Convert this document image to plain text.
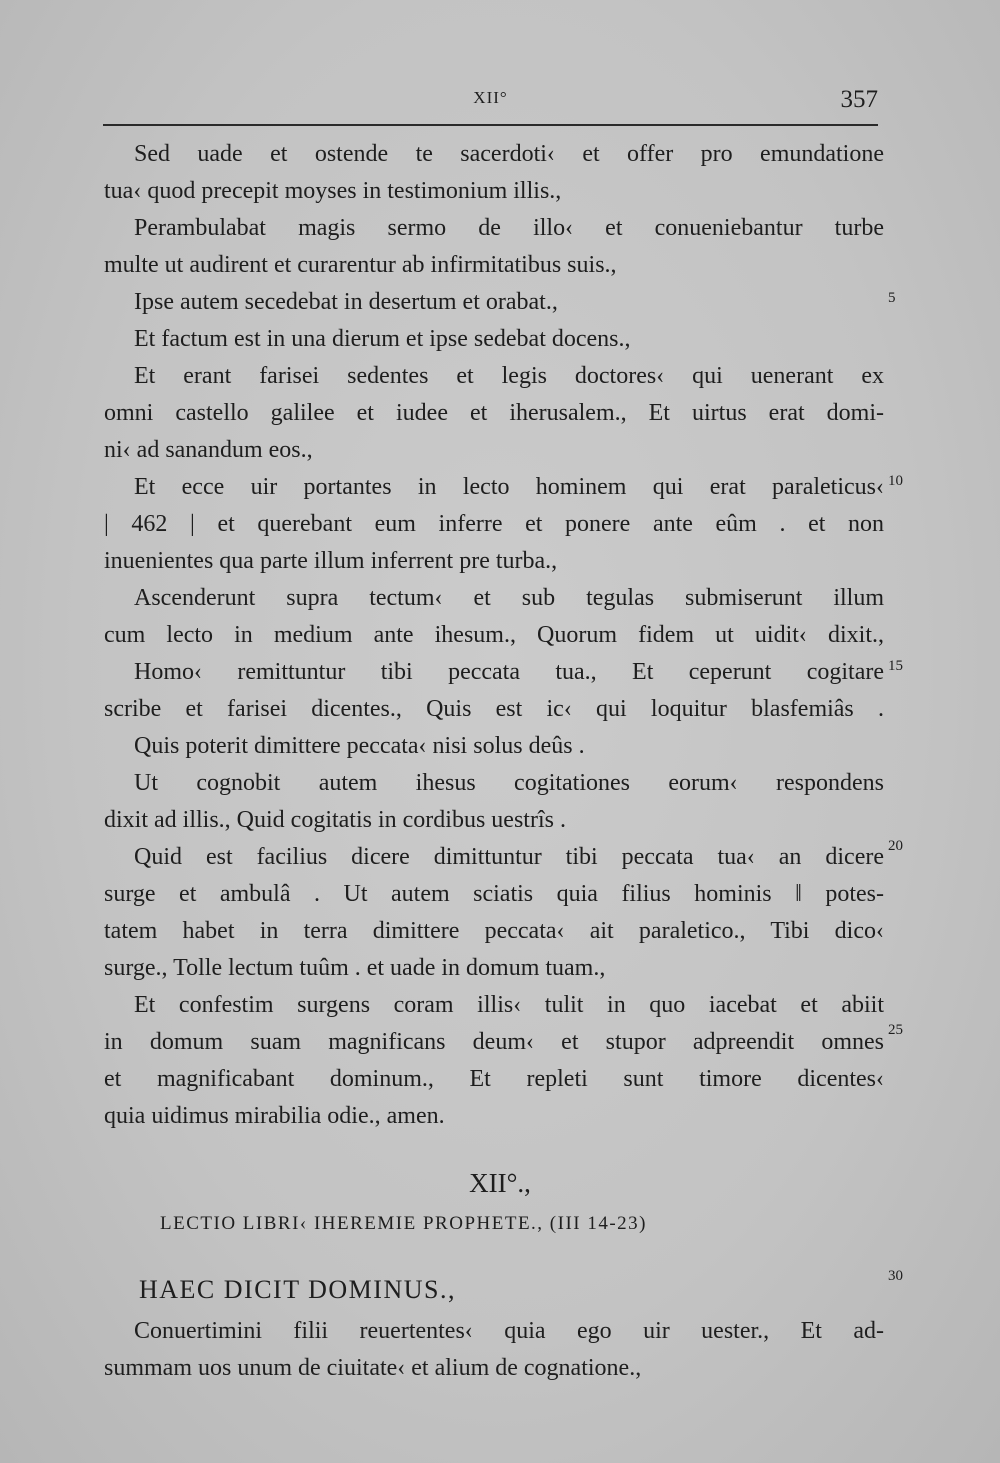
XII°	357
Sed uade et ostende te sacerdoti‹ et offer pro emundatione
tua‹ quod precepit moyses in testimonium illis.,
Perambulabat magis sermo de illo‹ et conueniebantur turbe
multe ut audirent et curarentur ab infirmitatibus suis.,
Ipse autem secedebat in desertum et orabat.,
Et factum est in una dierum et ipse sedebat docens.,
Et erant farisei sedentes et legis doctores‹ qui uenerant ex
omni castello galilee et iudee et iherusalem., Et uirtus erat domi-
ni‹ ad sanandum eos.,
Et ecce uir portantes in lecto hominem qui erat paraleticus‹
| 462 | et querebant eum inferre et ponere ante eûm . et non
inuenientes qua parte illum inferrent pre turba.,
Ascenderunt supra tectum‹ et sub tegulas submiserunt illum
cum lecto in medium ante ihesum., Quorum fidem ut uidit‹ dixit.,
Homo‹ remittuntur tibi peccata tua., Et ceperunt cogitare
scribe et farisei dicentes., Quis est ic‹ qui loquitur blasfemiâs .
Quis poterit dimittere peccata‹ nisi solus deûs .
Ut cognobit autem ihesus cogitationes eorum‹ respondens
dixit ad illis., Quid cogitatis in cordibus uestrîs .
Quid est facilius dicere dimittuntur tibi peccata tua‹ an dicere
surge et ambulâ . Ut autem sciatis quia filius hominis ‖ potes-
tatem habet in terra dimittere peccata‹ ait paraletico., Tibi dico‹
surge., Tolle lectum tuûm . et uade in domum tuam.,
Et confestim surgens coram illis‹ tulit in quo iacebat et abiit
in domum suam magnificans deum‹ et stupor adpreendit omnes
et magnificabant dominum., Et repleti sunt timore dicentes‹
quia uidimus mirabilia odie., amen.
5
10
15
20
25
30
XII°.,
LECTIO LIBRI‹ IHEREMIE PROPHETE., (III 14-23)
HAEC DICIT DOMINUS.,
Conuertimini filii reuertentes‹ quia ego uir uester., Et ad-
summam uos unum de ciuitate‹ et alium de cognatione.,
